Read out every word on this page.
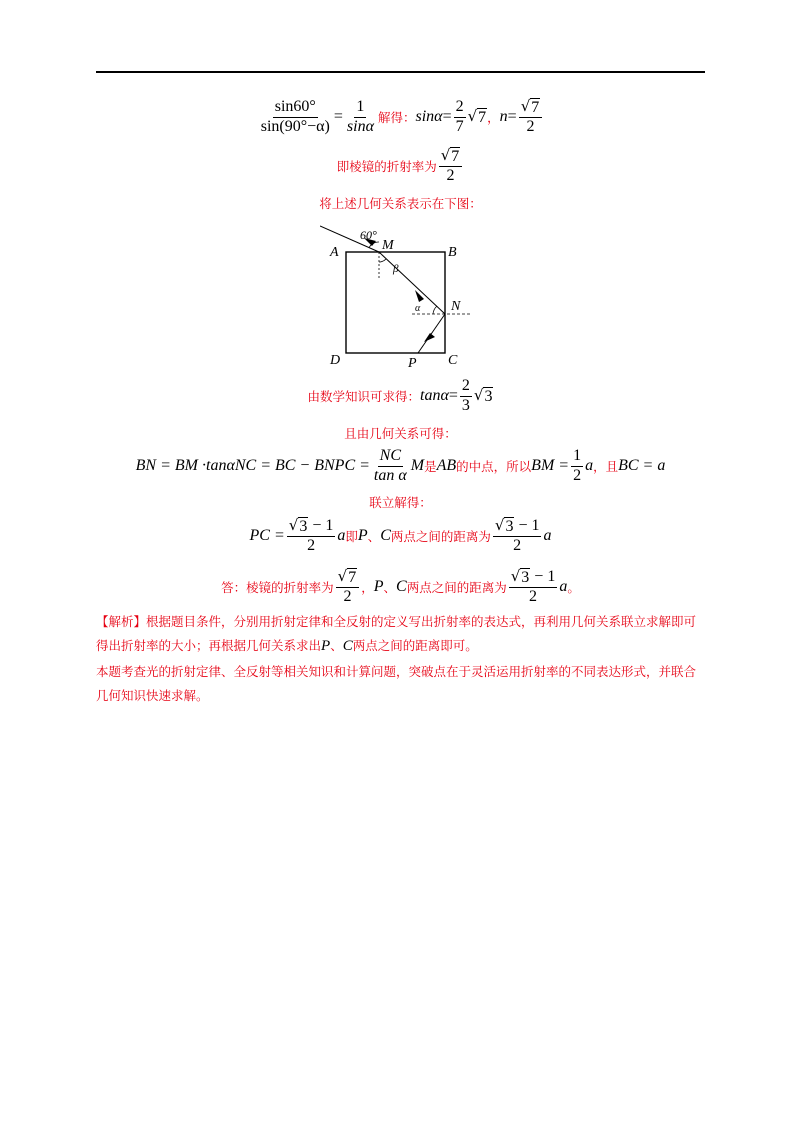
$\frac{\sin 60^\circ}{\sin(90^\circ-\alpha)} = \frac{1}{\sin\alpha}$ 解得： $\sin\alpha = \frac{2}{7}$ √ 7 ， $n = \frac{√ 7}{2}$
即棱镜的折射率为 $\frac{√ 7}{2}$
将上述几何关系表示在下图：
A	B
C
D
M
N
P
60°
β
α
由数学知识可求得： $\tan\alpha = \frac{2}{3}$ √ 3
且由几何关系可得：
BN = BM ·tanαNC = BC − BNPC = $\frac{NC}{\text{tan α}}$ M 是 AB 的中点，所以 BM = $\frac{1}{2}$ a ，且 BC = a
联立解得：
PC = $\frac{√ 3 - 1}{2}$ a 即 P 、 C 两点之间的距离为 $\frac{√ 3 - 1}{2}$ a
答：棱镜的折射率为 $\frac{√ 7}{2}$ ， P 、 C 两点之间的距离为 $\frac{√ 3 - 1}{2}$ a 。
【解析】根据题目条件，分别用折射定律和全反射的定义写出折射率的表达式，再利用几何关系联立求解即可得出折射率的大小；再根据几何关系求出P、C两点之间的距离即可。
本题考查光的折射定律、全反射等相关知识和计算问题，突破点在于灵活运用折射率的不同表达形式，并联合几何知识快速求解。
